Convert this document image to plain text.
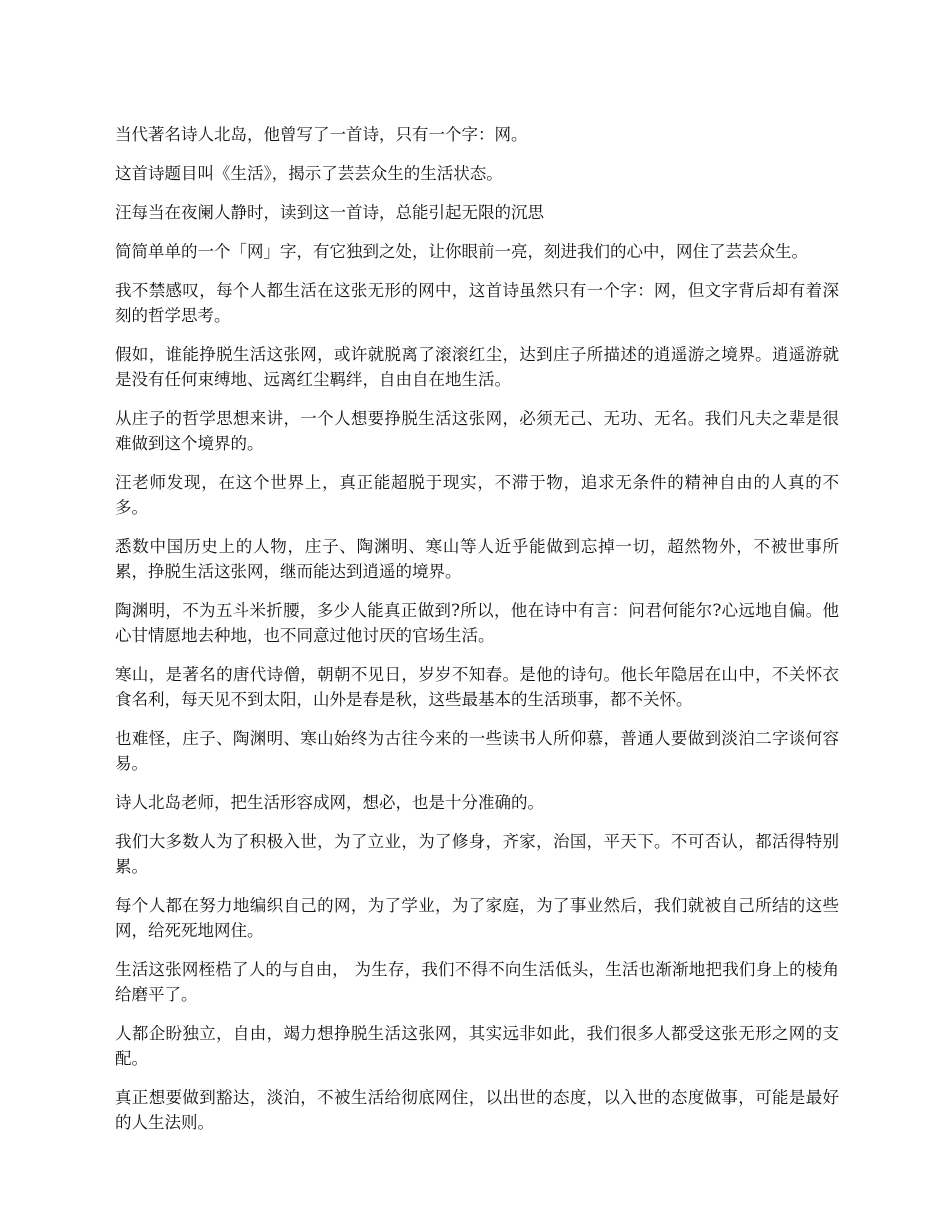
当代著名诗人北岛，他曾写了一首诗，只有一个字：网。

这首诗题目叫《生活》，揭示了芸芸众生的生活状态。

汪每当在夜阑人静时，读到这一首诗，总能引起无限的沉思

简简单单的一个「网」字，有它独到之处，让你眼前一亮，刻进我们的心中，网住了芸芸众生。

我不禁感叹，每个人都生活在这张无形的网中，这首诗虽然只有一个字：网，但文字背后却有着深刻的哲学思考。

假如，谁能挣脱生活这张网，或许就脱离了滚滚红尘，达到庄子所描述的逍遥游之境界。逍遥游就是没有任何束缚地、远离红尘羁绊，自由自在地生活。

从庄子的哲学思想来讲，一个人想要挣脱生活这张网，必须无己、无功、无名。我们凡夫之辈是很难做到这个境界的。

汪老师发现，在这个世界上，真正能超脱于现实，不滞于物，追求无条件的精神自由的人真的不多。

悉数中国历史上的人物，庄子、陶渊明、寒山等人近乎能做到忘掉一切，超然物外，不被世事所累，挣脱生活这张网，继而能达到逍遥的境界。

陶渊明，不为五斗米折腰，多少人能真正做到?所以，他在诗中有言：问君何能尔?心远地自偏。他心甘情愿地去种地，也不同意过他讨厌的官场生活。

寒山，是著名的唐代诗僧，朝朝不见日，岁岁不知春。是他的诗句。他长年隐居在山中，不关怀衣食名利，每天见不到太阳，山外是春是秋，这些最基本的生活琐事，都不关怀。

也难怪，庄子、陶渊明、寒山始终为古往今来的一些读书人所仰慕，普通人要做到淡泊二字谈何容易。

诗人北岛老师，把生活形容成网，想必，也是十分准确的。

我们大多数人为了积极入世，为了立业，为了修身，齐家，治国，平天下。不可否认，都活得特别累。

每个人都在努力地编织自己的网，为了学业，为了家庭，为了事业然后，我们就被自己所结的这些网，给死死地网住。

生活这张网桎梏了人的与自由， 为生存，我们不得不向生活低头，生活也渐渐地把我们身上的棱角给磨平了。

人都企盼独立，自由，竭力想挣脱生活这张网，其实远非如此，我们很多人都受这张无形之网的支配。

真正想要做到豁达，淡泊，不被生活给彻底网住，以出世的态度，以入世的态度做事，可能是最好的人生法则。
